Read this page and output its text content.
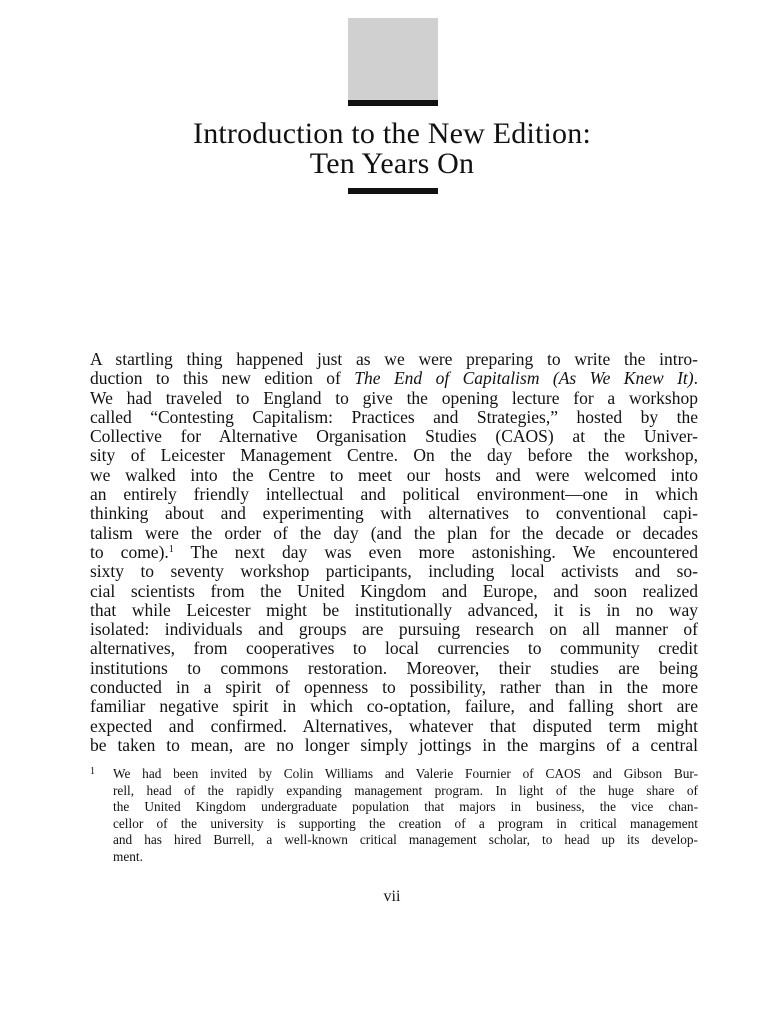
Introduction to the New Edition:
Ten Years On
A startling thing happened just as we were preparing to write the intro-
duction to this new edition of The End of Capitalism (As We Knew It).
We had traveled to England to give the opening lecture for a workshop
called “Contesting Capitalism: Practices and Strategies,” hosted by the
Collective for Alternative Organisation Studies (CAOS) at the Univer-
sity of Leicester Management Centre. On the day before the workshop,
we walked into the Centre to meet our hosts and were welcomed into
an entirely friendly intellectual and political environment—one in which
thinking about and experimenting with alternatives to conventional capi-
talism were the order of the day (and the plan for the decade or decades
to come).$^1$ The next day was even more astonishing. We encountered
sixty to seventy workshop participants, including local activists and so-
cial scientists from the United Kingdom and Europe, and soon realized
that while Leicester might be institutionally advanced, it is in no way
isolated: individuals and groups are pursuing research on all manner of
alternatives, from cooperatives to local currencies to community credit
institutions to commons restoration. Moreover, their studies are being
conducted in a spirit of openness to possibility, rather than in the more
familiar negative spirit in which co-optation, failure, and falling short are
expected and confirmed. Alternatives, whatever that disputed term might
be taken to mean, are no longer simply jottings in the margins of a central
1 We had been invited by Colin Williams and Valerie Fournier of CAOS and Gibson Bur-
rell, head of the rapidly expanding management program. In light of the huge share of
the United Kingdom undergraduate population that majors in business, the vice chan-
cellor of the university is supporting the creation of a program in critical management
and has hired Burrell, a well-known critical management scholar, to head up its develop-
ment.
vii
